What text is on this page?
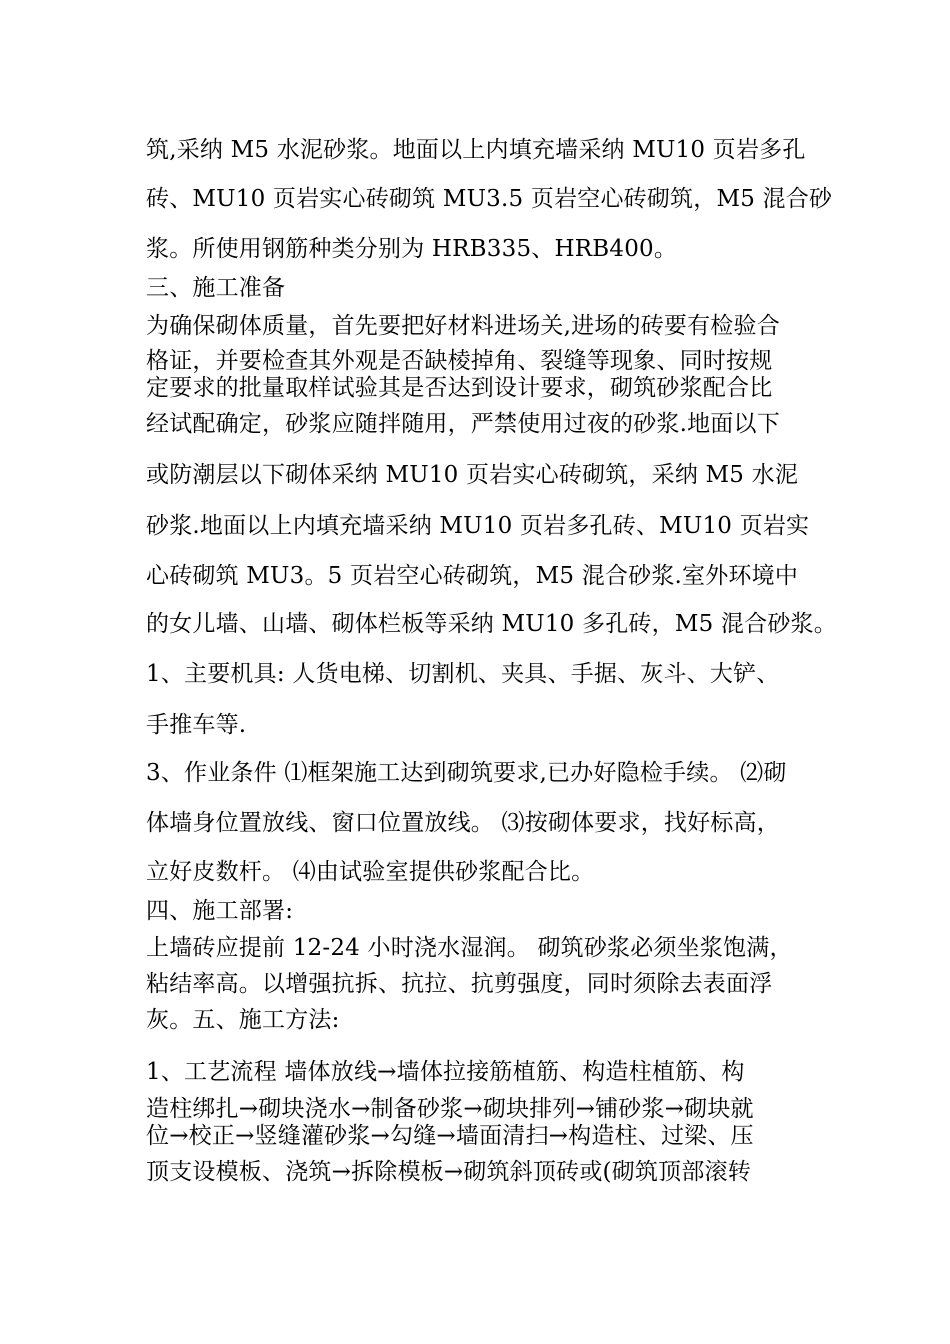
筑,采纳 M5 水泥砂浆。地面以上内填充墙采纳 MU10 页岩多孔
砖、MU10 页岩实心砖砌筑 MU3.5 页岩空心砖砌筑，M5 混合砂
浆。所使用钢筋种类分别为 HRB335、HRB400。
三、施工准备
为确保砌体质量，首先要把好材料进场关,进场的砖要有检验合
格证，并要检查其外观是否缺棱掉角、裂缝等现象、同时按规
定要求的批量取样试验其是否达到设计要求，砌筑砂浆配合比
经试配确定，砂浆应随拌随用，严禁使用过夜的砂浆.地面以下
或防潮层以下砌体采纳 MU10 页岩实心砖砌筑，采纳 M5 水泥
砂浆.地面以上内填充墙采纳 MU10 页岩多孔砖、MU10 页岩实
心砖砌筑 MU3。5 页岩空心砖砌筑，M5 混合砂浆.室外环境中
的女儿墙、山墙、砌体栏板等采纳 MU10 多孔砖，M5 混合砂浆。
1、主要机具: 人货电梯、切割机、夹具、手据、灰斗、大铲、
手推车等.
3、作业条件 ⑴框架施工达到砌筑要求,已办好隐检手续。 ⑵砌
体墙身位置放线、窗口位置放线。 ⑶按砌体要求，找好标高，
立好皮数杆。 ⑷由试验室提供砂浆配合比。
四、施工部署:
上墙砖应提前 12-24 小时浇水湿润。 砌筑砂浆必须坐浆饱满，
粘结率高。以增强抗拆、抗拉、抗剪强度，同时须除去表面浮
灰。五、施工方法:
1、工艺流程 墙体放线→墙体拉接筋植筋、构造柱植筋、构
造柱绑扎→砌块浇水→制备砂浆→砌块排列→铺砂浆→砌块就
位→校正→竖缝灌砂浆→勾缝→墙面清扫→构造柱、过梁、压
顶支设模板、浇筑→拆除模板→砌筑斜顶砖或(砌筑顶部滚转
